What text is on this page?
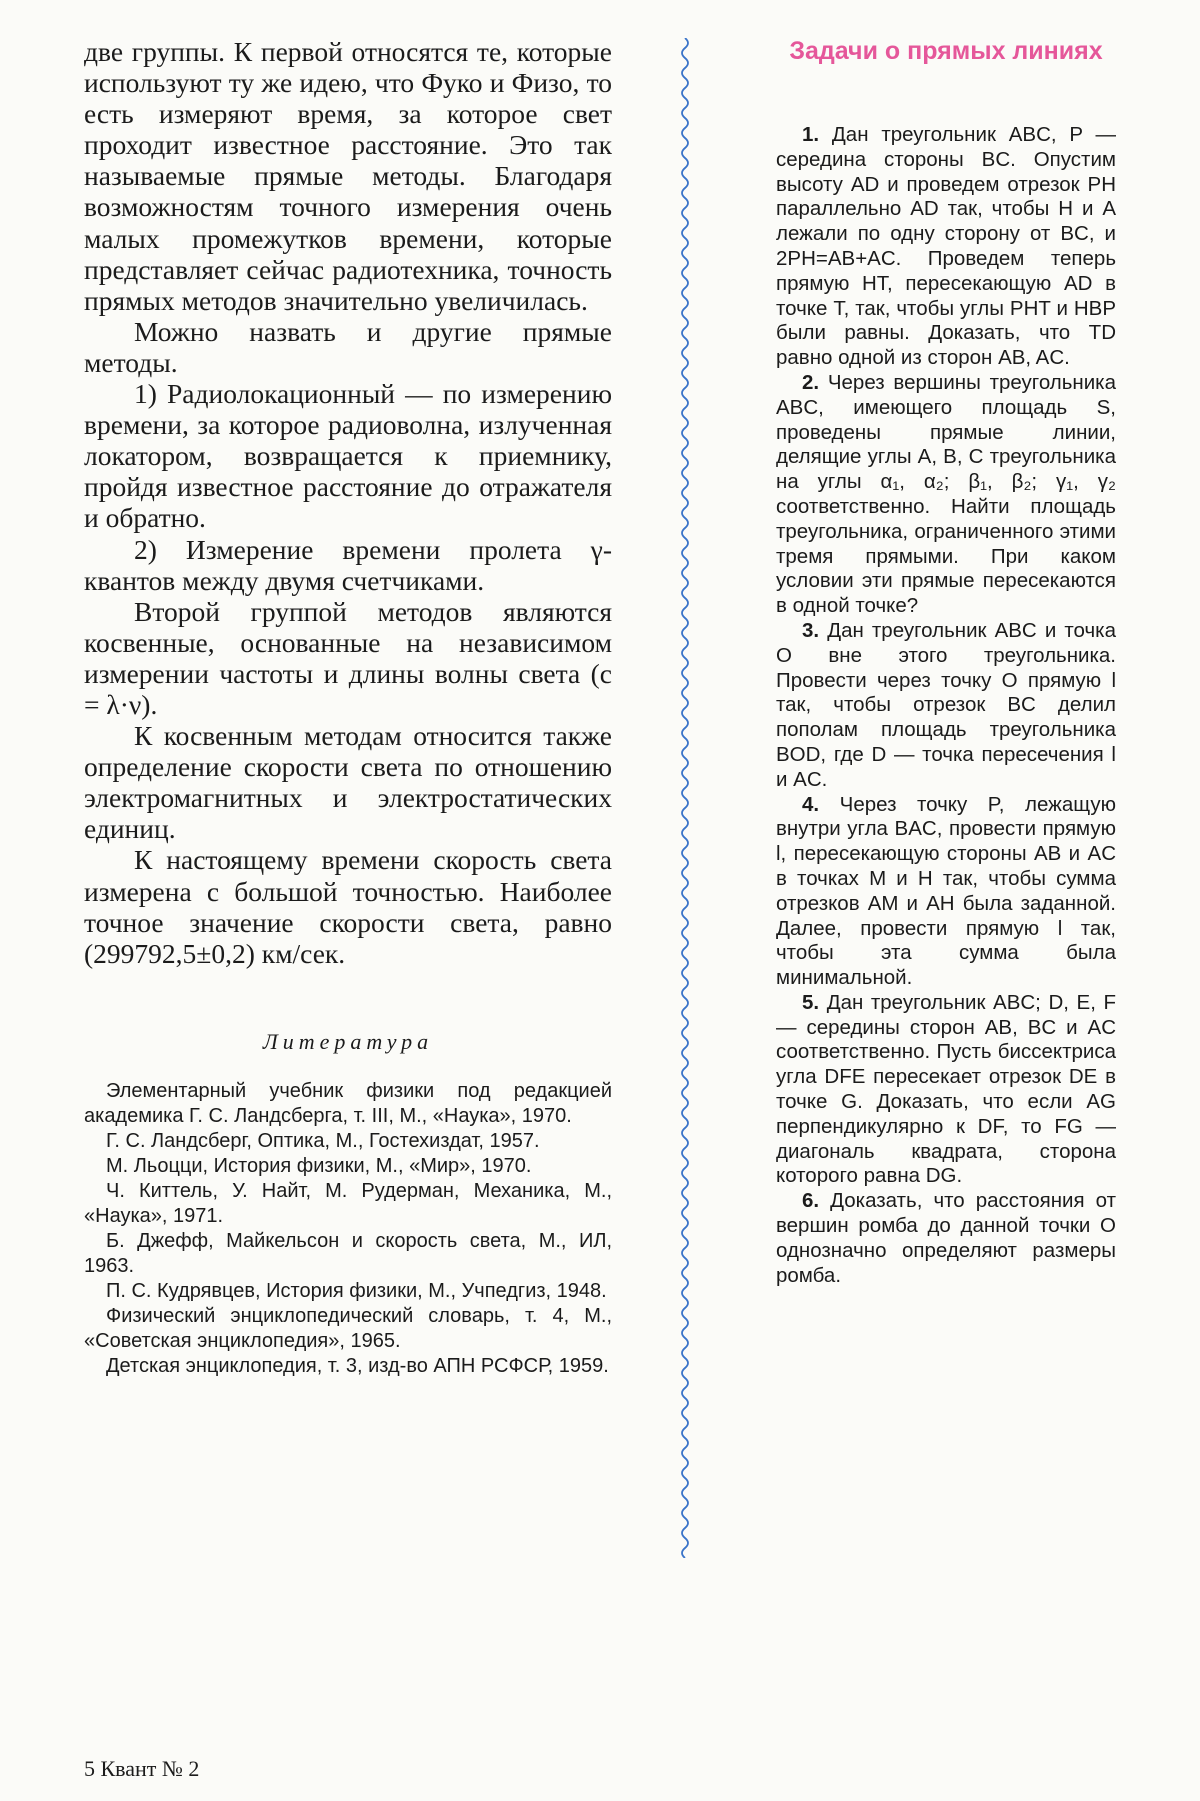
две группы. К первой относятся те, которые используют ту же идею, что Фуко и Физо, то есть измеряют время, за которое свет проходит известное расстояние. Это так называемые прямые методы. Благодаря возможностям точного измерения очень малых промежутков времени, которые представляет сейчас радиотехника, точность прямых методов значительно увеличилась.

Можно назвать и другие прямые методы.

1) Радиолокационный — по измерению времени, за которое радиоволна, излученная локатором, возвращается к приемнику, пройдя известное расстояние до отражателя и обратно.

2) Измерение времени пролета γ-квантов между двумя счетчиками.

Второй группой методов являются косвенные, основанные на независимом измерении частоты и длины волны света (c = λ·ν).

К косвенным методам относится также определение скорости света по отношению электромагнитных и электростатических единиц.

К настоящему времени скорость света измерена с большой точностью. Наиболее точное значение скорости света, равно (299792,5±0,2) км/сек.

Литература

Элементарный учебник физики под редакцией академика Г. С. Ландсберга, т. III, М., «Наука», 1970.

Г. С. Ландсберг, Оптика, М., Гостехиздат, 1957.

М. Льоцци, История физики, М., «Мир», 1970.

Ч. Киттель, У. Найт, М. Рудерман, Механика, М., «Наука», 1971.

Б. Джефф, Майкельсон и скорость света, М., ИЛ, 1963.

П. С. Кудрявцев, История физики, М., Учпедгиз, 1948.

Физический энциклопедический словарь, т. 4, М., «Советская энциклопедия», 1965.

Детская энциклопедия, т. 3, изд-во АПН РСФСР, 1959.

Задачи о прямых линиях

1. Дан треугольник ABC, P — середина стороны BC. Опустим высоту AD и проведем отрезок PH параллельно AD так, чтобы H и A лежали по одну сторону от BC, и 2PH=AB+AC. Проведем теперь прямую HT, пересекающую AD в точке T, так, чтобы углы PHT и HBP были равны. Доказать, что TD равно одной из сторон AB, AC.

2. Через вершины треугольника ABC, имеющего площадь S, проведены прямые линии, делящие углы A, B, C треугольника на углы α₁, α₂; β₁, β₂; γ₁, γ₂ соответственно. Найти площадь треугольника, ограниченного этими тремя прямыми. При каком условии эти прямые пересекаются в одной точке?

3. Дан треугольник ABC и точка O вне этого треугольника. Провести через точку O прямую l так, чтобы отрезок BC делил пополам площадь треугольника BOD, где D — точка пересечения l и AC.

4. Через точку P, лежащую внутри угла BAC, провести прямую l, пересекающую стороны AB и AC в точках M и H так, чтобы сумма отрезков AM и AH была заданной. Далее, провести прямую l так, чтобы эта сумма была минимальной.

5. Дан треугольник ABC; D, E, F — середины сторон AB, BC и AC соответственно. Пусть биссектриса угла DFE пересекает отрезок DE в точке G. Доказать, что если AG перпендикулярно к DF, то FG — диагональ квадрата, сторона которого равна DG.

6. Доказать, что расстояния от вершин ромба до данной точки O однозначно определяют размеры ромба.

5 Квант № 2
